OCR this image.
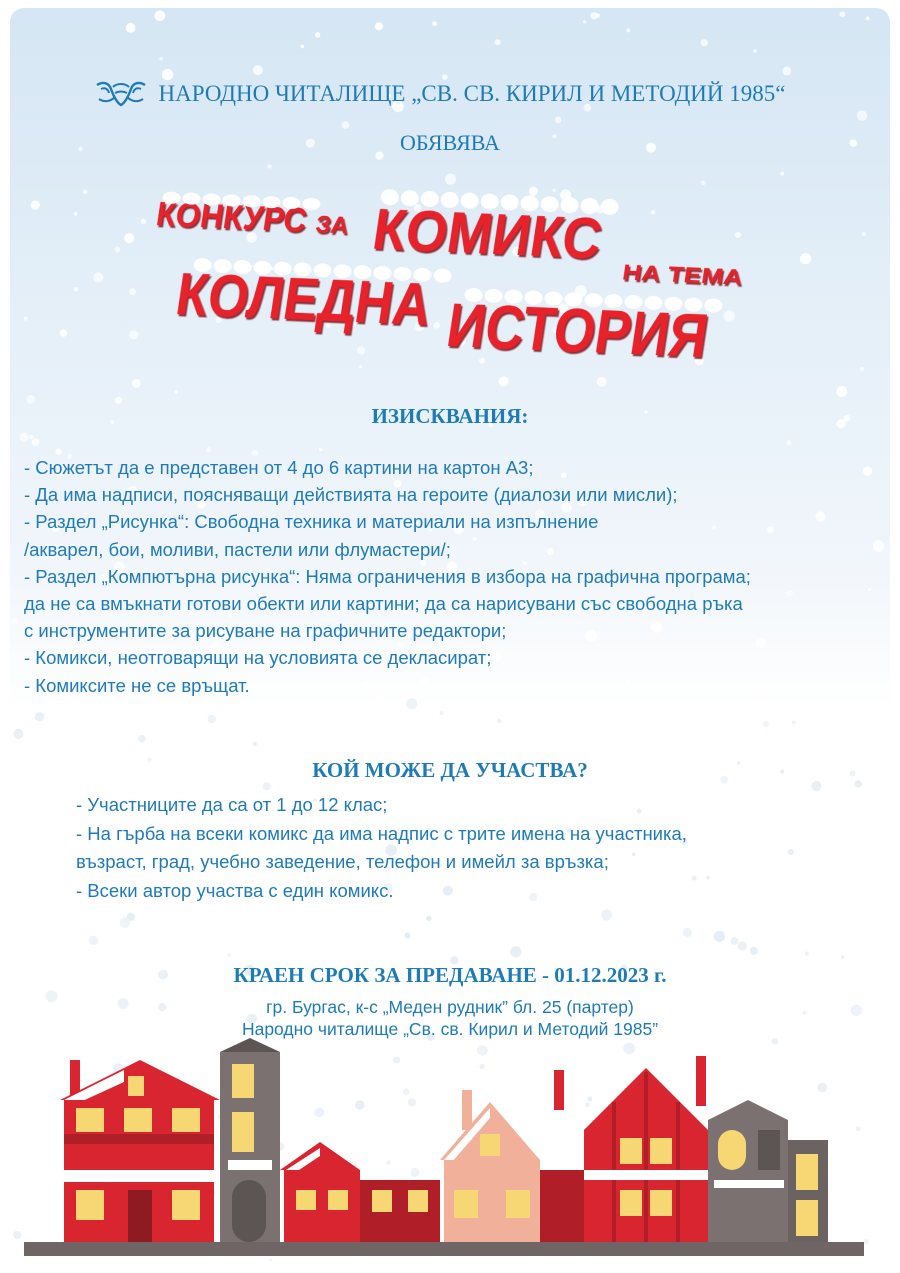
НАРОДНО ЧИТАЛИЩЕ „СВ. СВ. КИРИЛ И МЕТОДИЙ 1985“
ОБЯВЯВА
КОНКУРС
ЗА КОМИКС
НА ТЕМА
КОЛЕДНА
ИСТОРИЯ
ИЗИСКВАНИЯ:
- Сюжетът да е представен от 4 до 6 картини на картон А3;
- Да има надписи, поясняващи действията на героите (диалози или мисли);
- Раздел „Рисунка“: Свободна техника и материали на изпълнение
/акварел, бои, моливи, пастели или флумастери/;
- Раздел „Компютърна рисунка“: Няма ограничения в избора на графична програма;
да не са вмъкнати готови обекти или картини; да са нарисувани със свободна ръка
с инструментите за рисуване на графичните редактори;
- Комикси, неотговарящи на условията се декласират;
- Комиксите не се връщат.
КОЙ МОЖЕ ДА УЧАСТВА?
- Участниците да са от 1 до 12 клас;
- На гърба на всеки комикс да има надпис с трите имена на участника,
възраст, град, учебно заведение, телефон и имейл за връзка;
- Всеки автор участва с един комикс.
КРАЕН СРОК ЗА ПРЕДАВАНЕ - 01.12.2023 г.
гр. Бургас, к-с „Меден рудник” бл. 25 (партер)
Народно читалище „Св. св. Кирил и Методий 1985”
